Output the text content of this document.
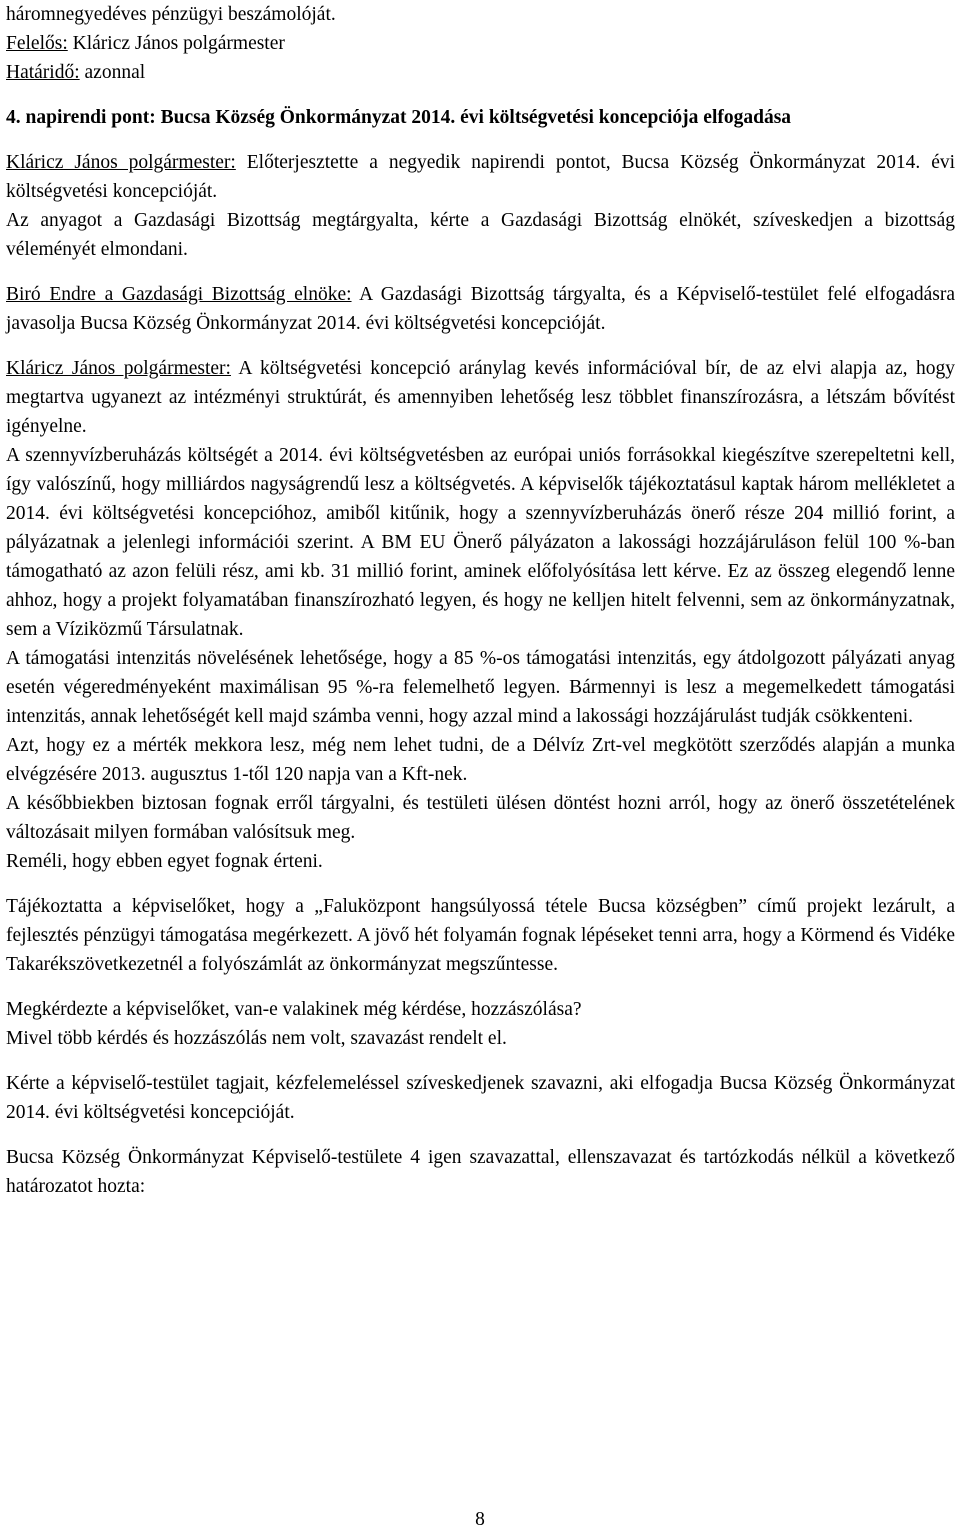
háromnegyedéves pénzügyi beszámolóját.

Felelős: Kláricz János polgármester

Határidő: azonnal

4. napirendi pont: Bucsa Község Önkormányzat 2014. évi költségvetési koncepciója elfogadása

Kláricz János polgármester: Előterjesztette a negyedik napirendi pontot, Bucsa Község Önkormányzat 2014. évi költségvetési koncepcióját.

Az anyagot a Gazdasági Bizottság megtárgyalta, kérte a Gazdasági Bizottság elnökét, szíveskedjen a bizottság véleményét elmondani.

Biró Endre a Gazdasági Bizottság elnöke: A Gazdasági Bizottság tárgyalta, és a Képviselő-testület felé elfogadásra javasolja Bucsa Község Önkormányzat 2014. évi költségvetési koncepcióját.

Kláricz János polgármester: A költségvetési koncepció aránylag kevés információval bír, de az elvi alapja az, hogy megtartva ugyanezt az intézményi struktúrát, és amennyiben lehetőség lesz többlet finanszírozásra, a létszám bővítést igényelne.

A szennyvízberuházás költségét a 2014. évi költségvetésben az európai uniós forrásokkal kiegészítve szerepeltetni kell, így valószínű, hogy milliárdos nagyságrendű lesz a költségvetés. A képviselők tájékoztatásul kaptak három mellékletet a 2014. évi költségvetési koncepcióhoz, amiből kitűnik, hogy a szennyvízberuházás önerő része 204 millió forint, a pályázatnak a jelenlegi információi szerint. A BM EU Önerő pályázaton a lakossági hozzájáruláson felül 100 %-ban támogatható az azon felüli rész, ami kb. 31 millió forint, aminek előfolyósítása lett kérve. Ez az összeg elegendő lenne ahhoz, hogy a projekt folyamatában finanszírozható legyen, és hogy ne kelljen hitelt felvenni, sem az önkormányzatnak, sem a Víziközmű Társulatnak.

A támogatási intenzitás növelésének lehetősége, hogy a 85 %-os támogatási intenzitás, egy átdolgozott pályázati anyag esetén végeredményeként maximálisan 95 %-ra felemelhető legyen. Bármennyi is lesz a megemelkedett támogatási intenzitás, annak lehetőségét kell majd számba venni, hogy azzal mind a lakossági hozzájárulást tudják csökkenteni.

Azt, hogy ez a mérték mekkora lesz, még nem lehet tudni, de a Délvíz Zrt-vel megkötött szerződés alapján a munka elvégzésére 2013. augusztus 1-től 120 napja van a Kft-nek.

A későbbiekben biztosan fognak erről tárgyalni, és testületi ülésen döntést hozni arról, hogy az önerő összetételének változásait milyen formában valósítsuk meg.

Reméli, hogy ebben egyet fognak érteni.

Tájékoztatta a képviselőket, hogy a „Faluközpont hangsúlyossá tétele Bucsa községben” című projekt lezárult, a fejlesztés pénzügyi támogatása megérkezett. A jövő hét folyamán fognak lépéseket tenni arra, hogy a Körmend és Vidéke Takarékszövetkezetnél a folyószámlát az önkormányzat megszűntesse.

Megkérdezte a képviselőket, van-e valakinek még kérdése, hozzászólása?

Mivel több kérdés és hozzászólás nem volt, szavazást rendelt el.

Kérte a képviselő-testület tagjait, kézfelemeléssel szíveskedjenek szavazni, aki elfogadja Bucsa Község Önkormányzat 2014. évi költségvetési koncepcióját.

Bucsa Község Önkormányzat Képviselő-testülete 4 igen szavazattal, ellenszavazat és tartózkodás nélkül a következő határozatot hozta:

8
